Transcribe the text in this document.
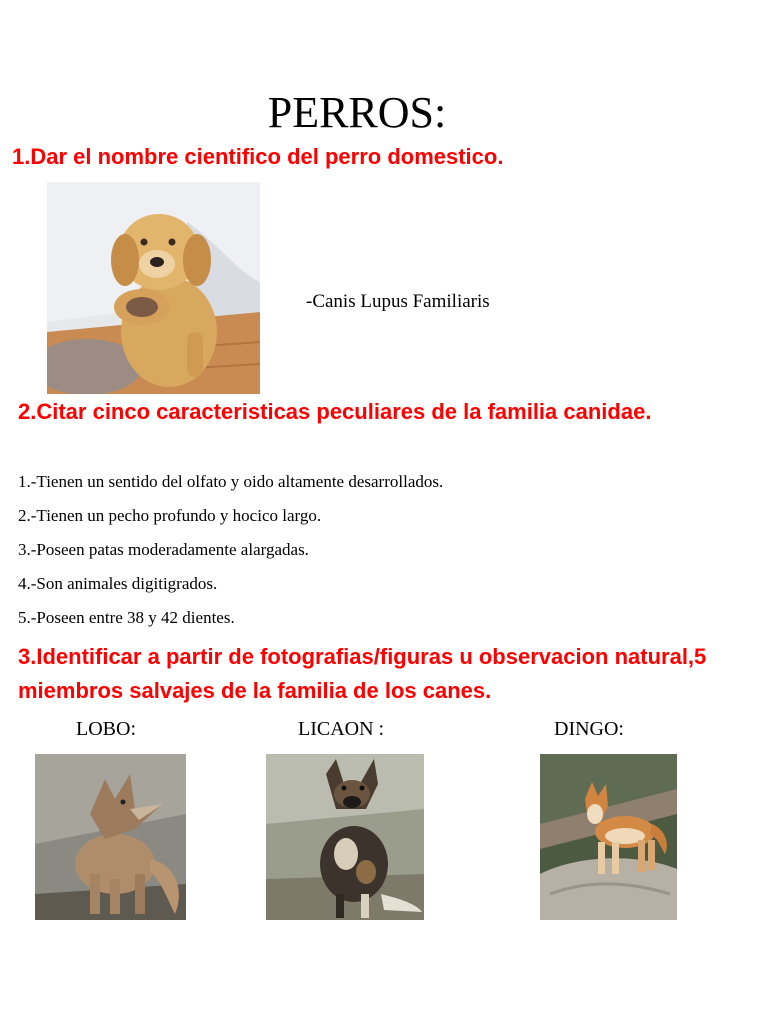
PERROS:
1.Dar el nombre cientifico del perro domestico.
-Canis Lupus Familiaris
2.Citar cinco caracteristicas peculiares de la familia canidae.
1.-Tienen un sentido del olfato y oido altamente desarrollados.
2.-Tienen un pecho profundo y hocico largo.
3.-Poseen patas moderadamente alargadas.
4.-Son animales digitigrados.
5.-Poseen entre 38 y 42 dientes.
3.Identificar a partir de fotografias/figuras u observacion natural,5 miembros salvajes de la familia de los canes.
LOBO:	LICAON :	DINGO:
